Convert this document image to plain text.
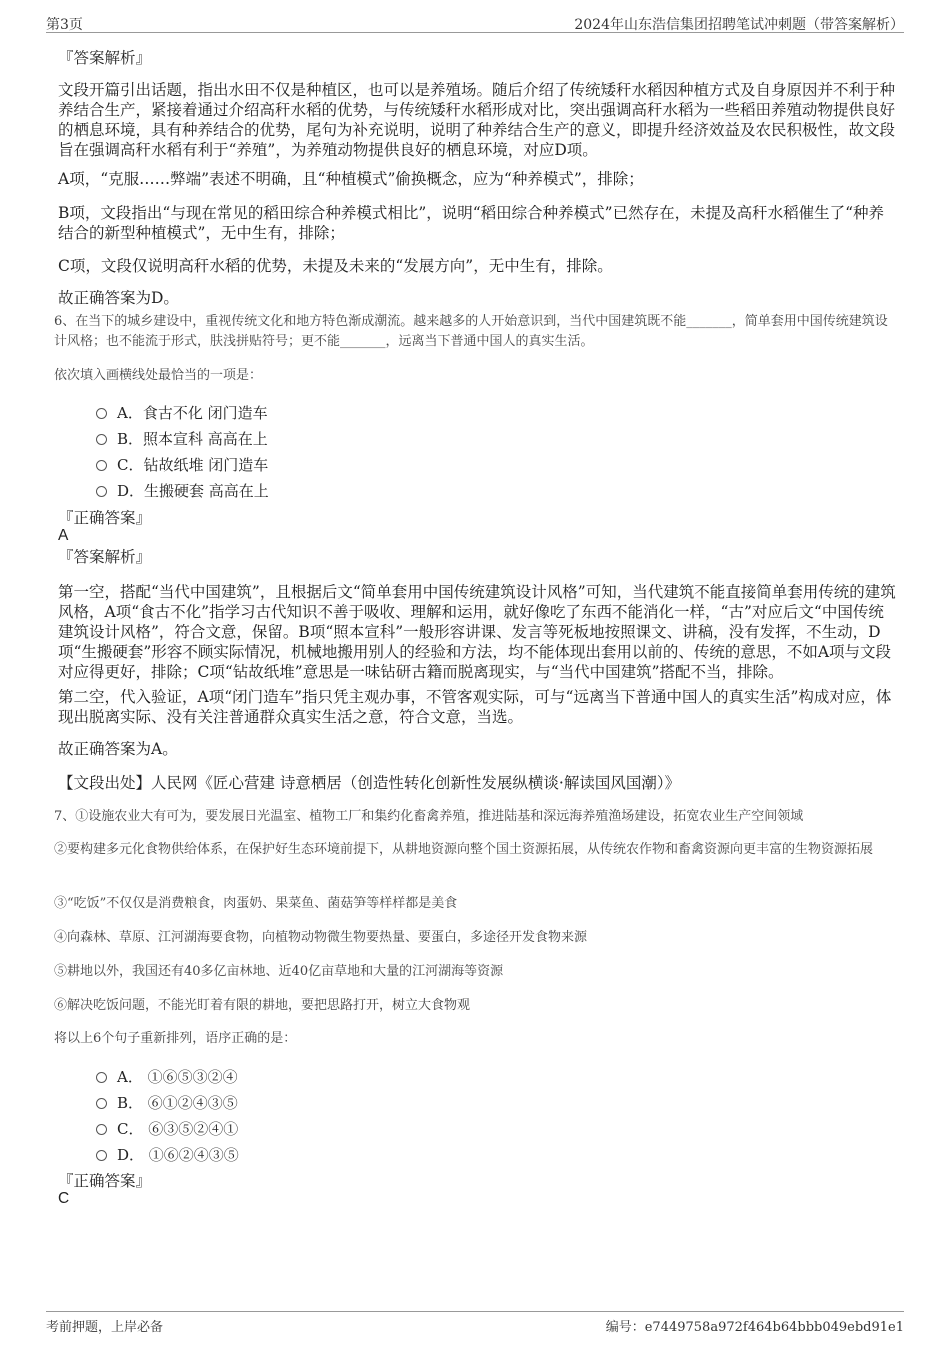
第3页	2024年山东浩信集团招聘笔试冲刺题（带答案解析）
『答案解析』

文段开篇引出话题，指出水田不仅是种植区，也可以是养殖场。随后介绍了传统矮秆水稻因种植方式及自身原因并不利于种养结合生产，紧接着通过介绍高秆水稻的优势，与传统矮秆水稻形成对比，突出强调高秆水稻为一些稻田养殖动物提供良好的栖息环境，具有种养结合的优势，尾句为补充说明，说明了种养结合生产的意义，即提升经济效益及农民积极性，故文段旨在强调高秆水稻有利于“养殖”，为养殖动物提供良好的栖息环境，对应D项。

A项，“克服……弊端”表述不明确，且“种植模式”偷换概念，应为“种养模式”，排除；

B项，文段指出“与现在常见的稻田综合种养模式相比”，说明“稻田综合种养模式”已然存在，未提及高秆水稻催生了“种养结合的新型种植模式”，无中生有，排除；

C项，文段仅说明高秆水稻的优势，未提及未来的“发展方向”，无中生有，排除。

故正确答案为D。

6、在当下的城乡建设中，重视传统文化和地方特色渐成潮流。越来越多的人开始意识到，当代中国建筑既不能_______，简单套用中国传统建筑设计风格；也不能流于形式，肤浅拼贴符号；更不能_______，远离当下普通中国人的真实生活。

依次填入画横线处最恰当的一项是：

A．食古不化 闭门造车
B．照本宣科 高高在上
C．钻故纸堆 闭门造车
D．生搬硬套 高高在上
『正确答案』
A
『答案解析』

第一空，搭配“当代中国建筑”，且根据后文“简单套用中国传统建筑设计风格”可知，当代建筑不能直接简单套用传统的建筑风格，A项“食古不化”指学习古代知识不善于吸收、理解和运用，就好像吃了东西不能消化一样，“古”对应后文“中国传统建筑设计风格”，符合文意，保留。B项“照本宣科”一般形容讲课、发言等死板地按照课文、讲稿，没有发挥，不生动，D项“生搬硬套”形容不顾实际情况，机械地搬用别人的经验和方法，均不能体现出套用以前的、传统的意思，不如A项与文段对应得更好，排除；C项“钻故纸堆”意思是一味钻研古籍而脱离现实，与“当代中国建筑”搭配不当，排除。

第二空，代入验证，A项“闭门造车”指只凭主观办事，不管客观实际，可与“远离当下普通中国人的真实生活”构成对应，体现出脱离实际、没有关注普通群众真实生活之意，符合文意，当选。

故正确答案为A。

【文段出处】人民网《匠心营建 诗意栖居（创造性转化创新性发展纵横谈·解读国风国潮）》

7、①设施农业大有可为，要发展日光温室、植物工厂和集约化畜禽养殖，推进陆基和深远海养殖渔场建设，拓宽农业生产空间领域

②要构建多元化食物供给体系，在保护好生态环境前提下，从耕地资源向整个国土资源拓展，从传统农作物和畜禽资源向更丰富的生物资源拓展

③“吃饭”不仅仅是消费粮食，肉蛋奶、果菜鱼、菌菇笋等样样都是美食

④向森林、草原、江河湖海要食物，向植物动物微生物要热量、要蛋白，多途径开发食物来源

⑤耕地以外，我国还有40多亿亩林地、近40亿亩草地和大量的江河湖海等资源

⑥解决吃饭问题，不能光盯着有限的耕地，要把思路打开，树立大食物观

将以上6个句子重新排列，语序正确的是：

A． ①⑥⑤③②④
B． ⑥①②④③⑤
C． ⑥③⑤②④①
D． ①⑥②④③⑤
『正确答案』
C
考前押题，上岸必备	编号：e7449758a972f464b64bbb049ebd91e1
